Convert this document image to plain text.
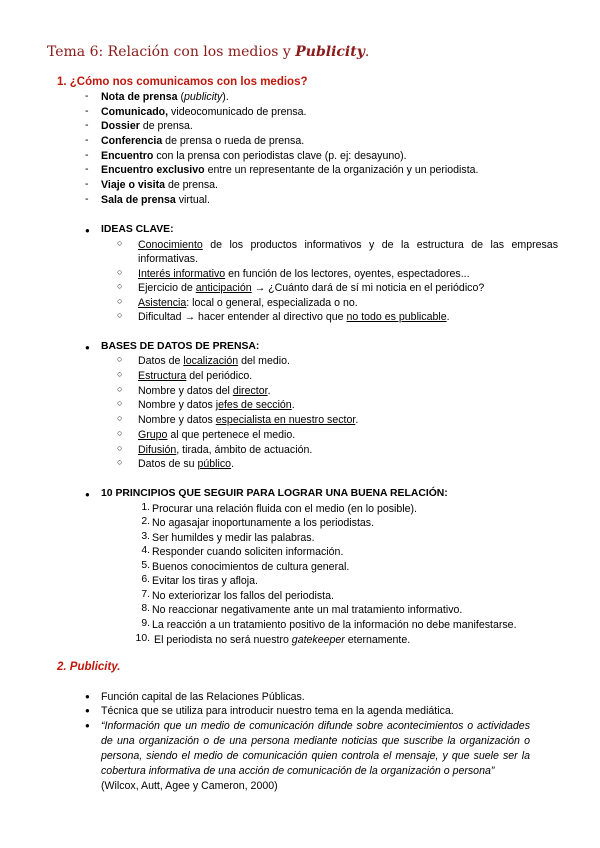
Tema 6: Relación con los medios y Publicity.
1. ¿Cómo nos comunicamos con los medios?
- Nota de prensa (publicity).
- Comunicado, videocomunicado de prensa.
- Dossier de prensa.
- Conferencia de prensa o rueda de prensa.
- Encuentro con la prensa con periodistas clave (p. ej: desayuno).
- Encuentro exclusivo entre un representante de la organización y un periodista.
- Viaje o visita de prensa.
- Sala de prensa virtual.
● IDEAS CLAVE:
○ Conocimiento de los productos informativos y de la estructura de las empresas informativas.
○ Interés informativo en función de los lectores, oyentes, espectadores...
○ Ejercicio de anticipación → ¿Cuánto dará de sí mi noticia en el periódico?
○ Asistencia: local o general, especializada o no.
○ Dificultad → hacer entender al directivo que no todo es publicable.
● BASES DE DATOS DE PRENSA:
○ Datos de localización del medio.
○ Estructura del periódico.
○ Nombre y datos del director.
○ Nombre y datos jefes de sección.
○ Nombre y datos especialista en nuestro sector.
○ Grupo al que pertenece el medio.
○ Difusión, tirada, ámbito de actuación.
○ Datos de su público.
● 10 PRINCIPIOS QUE SEGUIR PARA LOGRAR UNA BUENA RELACIÓN:
1. Procurar una relación fluida con el medio (en lo posible).
2. No agasajar inoportunamente a los periodistas.
3. Ser humildes y medir las palabras.
4. Responder cuando soliciten información.
5. Buenos conocimientos de cultura general.
6. Evitar los tiras y afloja.
7. No exteriorizar los fallos del periodista.
8. No reaccionar negativamente ante un mal tratamiento informativo.
9. La reacción a un tratamiento positivo de la información no debe manifestarse.
10. El periodista no será nuestro gatekeeper eternamente.
2. Publicity.
● Función capital de las Relaciones Públicas.
● Técnica que se utiliza para introducir nuestro tema en la agenda mediática.
● “Información que un medio de comunicación difunde sobre acontecimientos o actividades de una organización o de una persona mediante noticias que suscribe la organización o persona, siendo el medio de comunicación quien controla el mensaje, y que suele ser la cobertura informativa de una acción de comunicación de la organización o persona”
(Wilcox, Autt, Agee y Cameron, 2000)
